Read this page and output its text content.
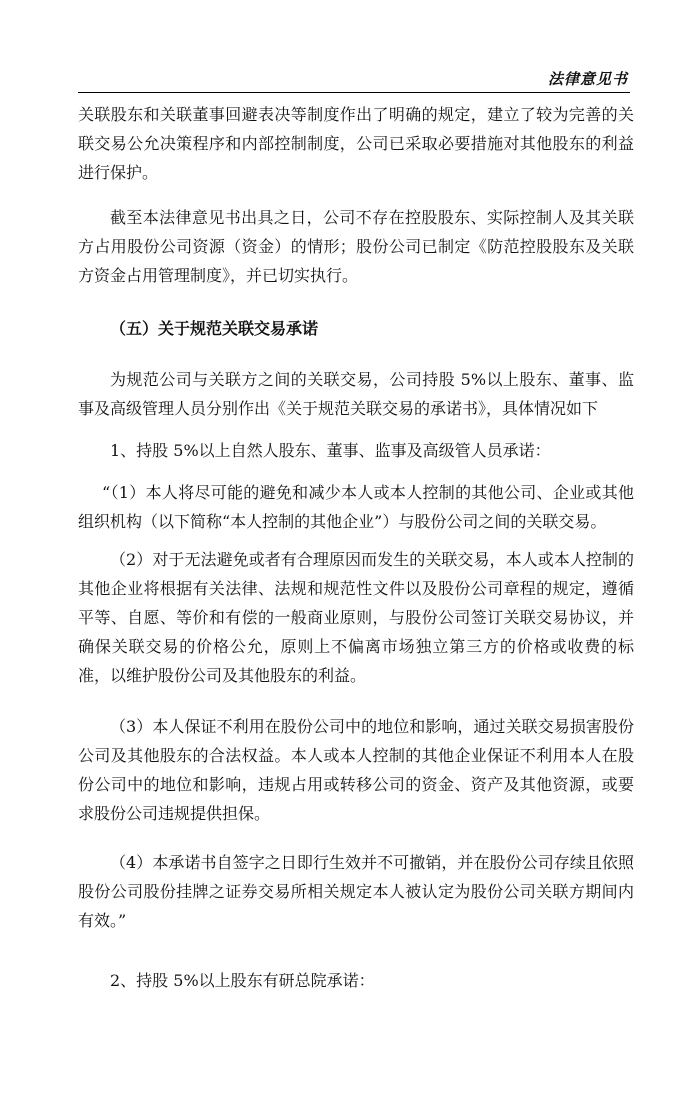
法律意见书

关联股东和关联董事回避表决等制度作出了明确的规定，建立了较为完善的关联交易公允决策程序和内部控制制度，公司已采取必要措施对其他股东的利益进行保护。

截至本法律意见书出具之日，公司不存在控股股东、实际控制人及其关联方占用股份公司资源（资金）的情形；股份公司已制定《防范控股股东及关联方资金占用管理制度》，并已切实执行。

（五）关于规范关联交易承诺

为规范公司与关联方之间的关联交易，公司持股 5%以上股东、董事、监事及高级管理人员分别作出《关于规范关联交易的承诺书》，具体情况如下

1、持股 5%以上自然人股东、董事、监事及高级管人员承诺：

“（1）本人将尽可能的避免和减少本人或本人控制的其他公司、企业或其他组织机构（以下简称“本人控制的其他企业”）与股份公司之间的关联交易。

（2）对于无法避免或者有合理原因而发生的关联交易，本人或本人控制的其他企业将根据有关法律、法规和规范性文件以及股份公司章程的规定，遵循平等、自愿、等价和有偿的一般商业原则，与股份公司签订关联交易协议，并确保关联交易的价格公允，原则上不偏离市场独立第三方的价格或收费的标准，以维护股份公司及其他股东的利益。

（3）本人保证不利用在股份公司中的地位和影响，通过关联交易损害股份公司及其他股东的合法权益。本人或本人控制的其他企业保证不利用本人在股份公司中的地位和影响，违规占用或转移公司的资金、资产及其他资源，或要求股份公司违规提供担保。

（4）本承诺书自签字之日即行生效并不可撤销，并在股份公司存续且依照股份公司股份挂牌之证券交易所相关规定本人被认定为股份公司关联方期间内有效。”

2、持股 5%以上股东有研总院承诺：
